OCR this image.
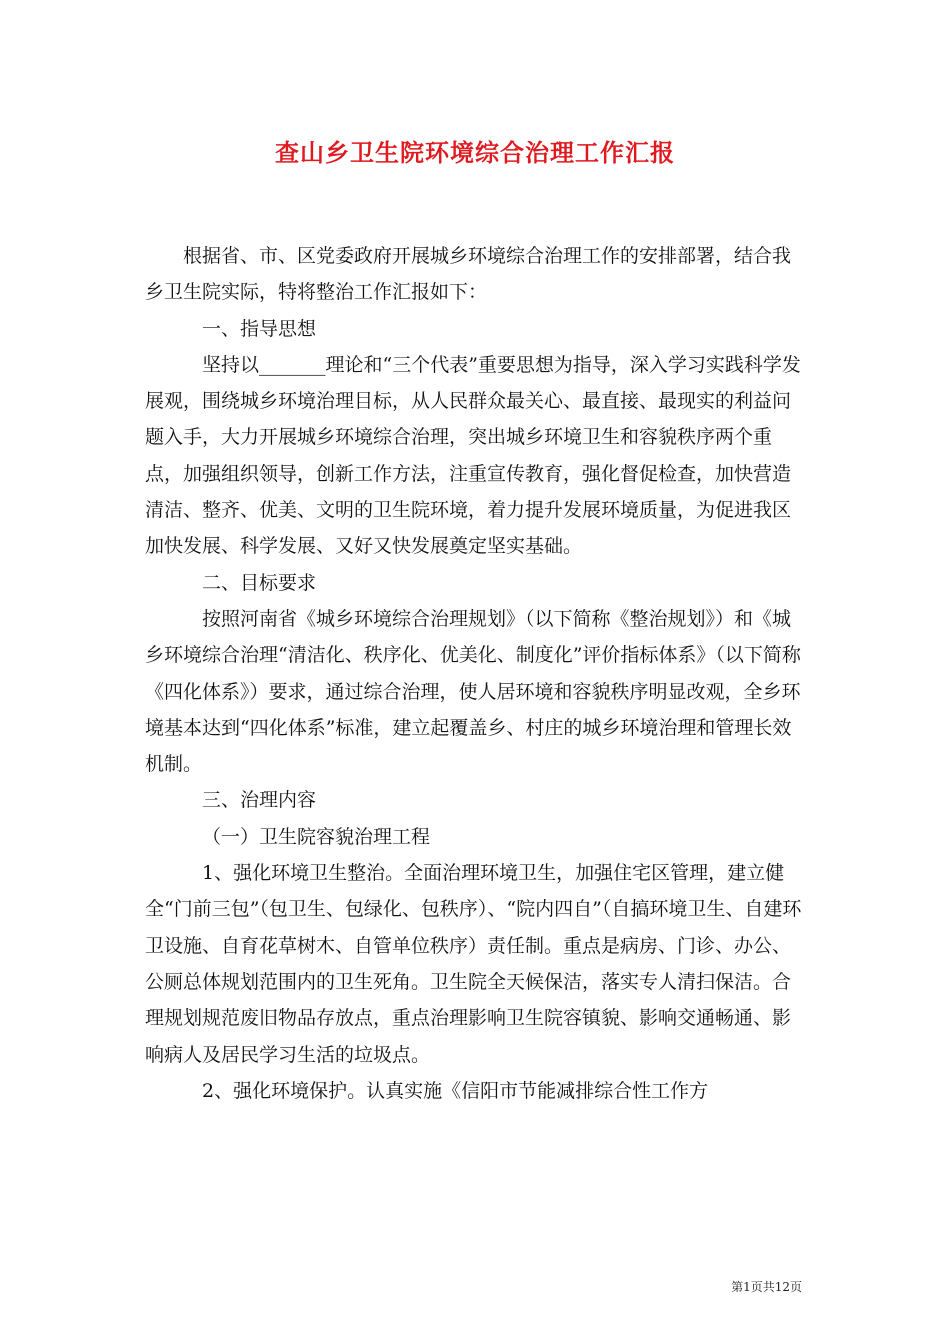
查山乡卫生院环境综合治理工作汇报

根据省、市、区党委政府开展城乡环境综合治理工作的安排部署，结合我乡卫生院实际，特将整治工作汇报如下：

一、指导思想

坚持以_______理论和“三个代表”重要思想为指导，深入学习实践科学发展观，围绕城乡环境治理目标，从人民群众最关心、最直接、最现实的利益问题入手，大力开展城乡环境综合治理，突出城乡环境卫生和容貌秩序两个重点，加强组织领导，创新工作方法，注重宣传教育，强化督促检查，加快营造清洁、整齐、优美、文明的卫生院环境，着力提升发展环境质量，为促进我区加快发展、科学发展、又好又快发展奠定坚实基础。

二、目标要求

按照河南省《城乡环境综合治理规划》（以下简称《整治规划》）和《城乡环境综合治理“清洁化、秩序化、优美化、制度化”评价指标体系》（以下简称《四化体系》）要求，通过综合治理，使人居环境和容貌秩序明显改观，全乡环境基本达到“四化体系”标准，建立起覆盖乡、村庄的城乡环境治理和管理长效机制。

三、治理内容

（一）卫生院容貌治理工程

1、强化环境卫生整治。全面治理环境卫生，加强住宅区管理，建立健全“门前三包”（包卫生、包绿化、包秩序）、“院内四自”（自搞环境卫生、自建环卫设施、自育花草树木、自管单位秩序）责任制。重点是病房、门诊、办公、公厕总体规划范围内的卫生死角。卫生院全天候保洁，落实专人清扫保洁。合理规划规范废旧物品存放点，重点治理影响卫生院容镇貌、影响交通畅通、影响病人及居民学习生活的垃圾点。

2、强化环境保护。认真实施《信阳市节能减排综合性工作方

第1页共12页
